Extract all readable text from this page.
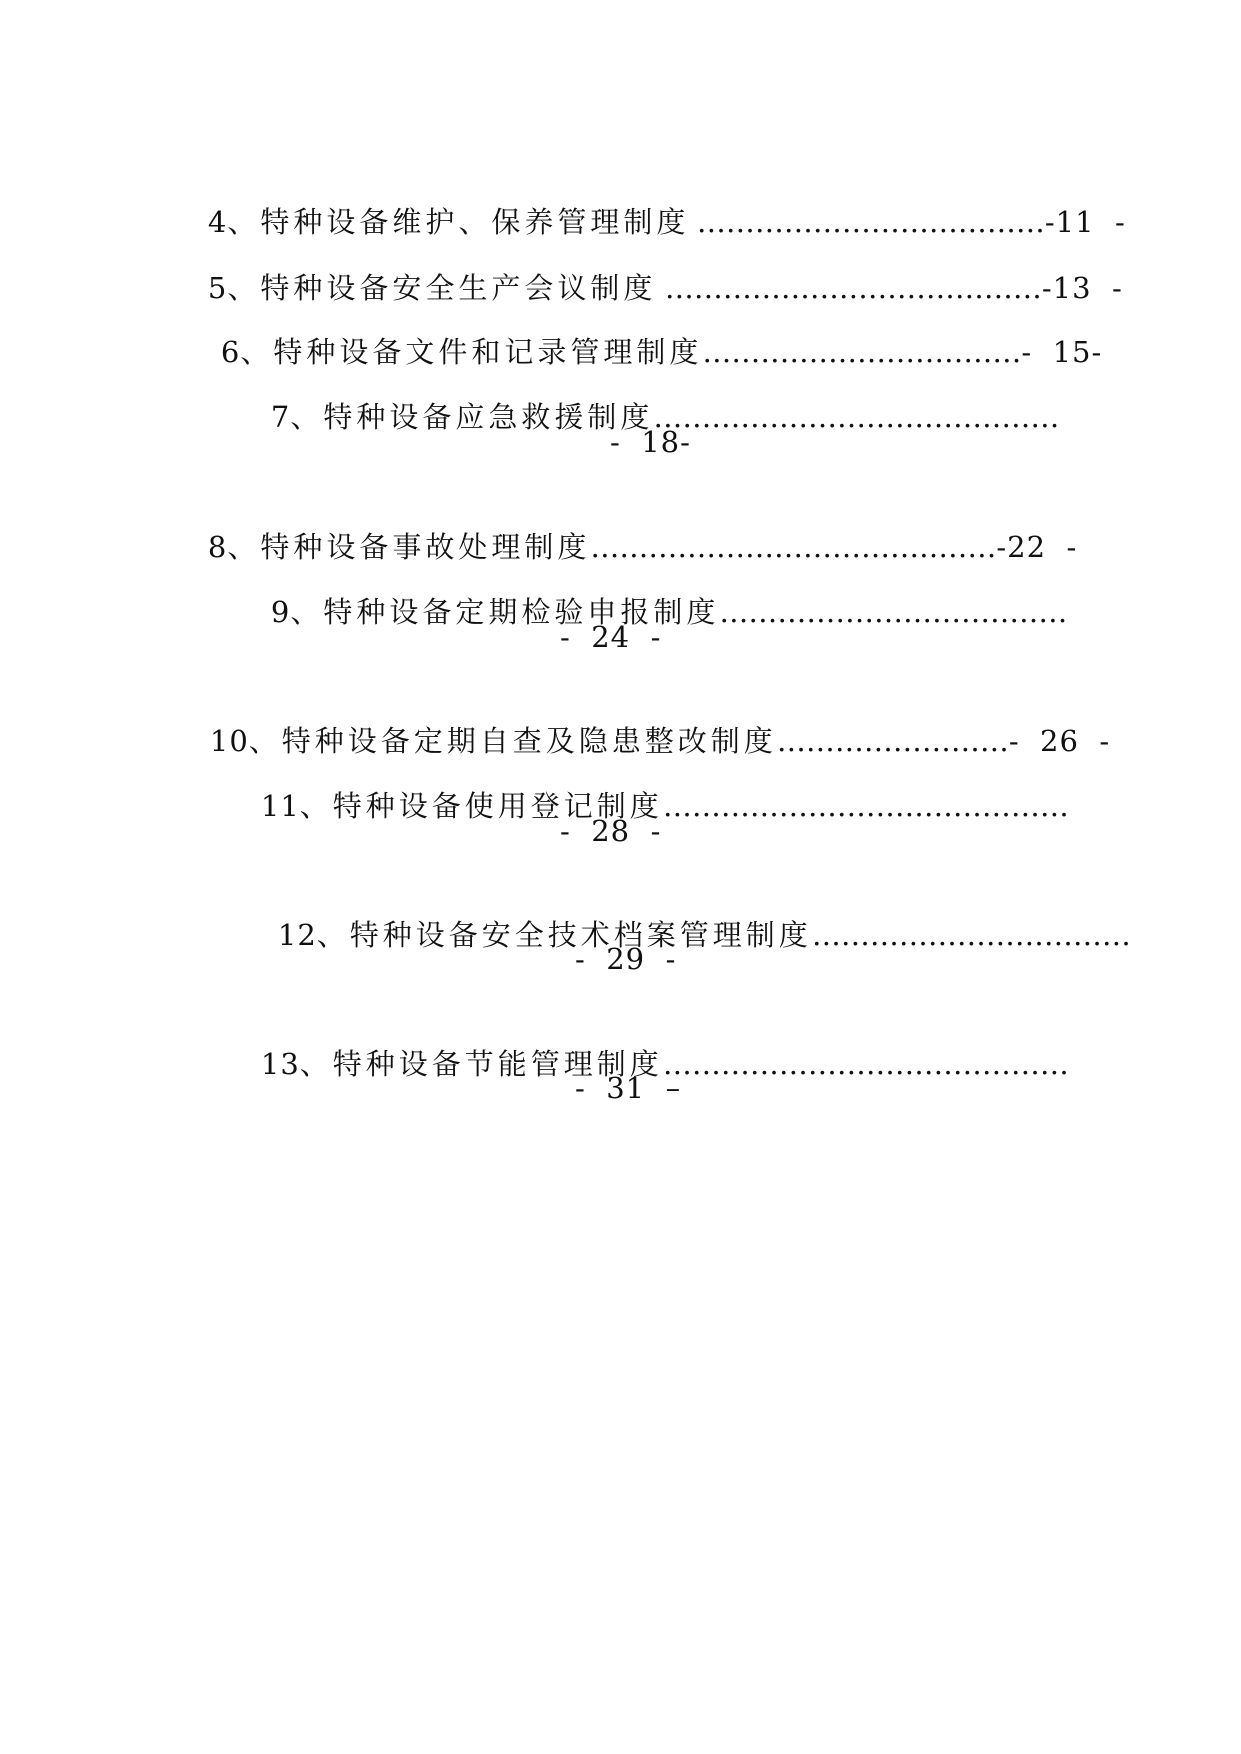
4、特种设备维护、保养管理制度
………………………………-11  -

5、特种设备安全生产会议制度
…………………………………-13  -

6、特种设备文件和记录管理制度……………………………-  15-

7、特种设备应急救援制度……………………………………

-  18-

8、特种设备事故处理制度……………………………………-22  -

9、特种设备定期检验申报制度………………………………

-  24  -

10、特种设备定期自查及隐患整改制度……………………-  26  -

11、特种设备使用登记制度……………………………………

-  28  -

12、特种设备安全技术档案管理制度……………………………

-  29  -

13、特种设备节能管理制度……………………………………

-  31  –
